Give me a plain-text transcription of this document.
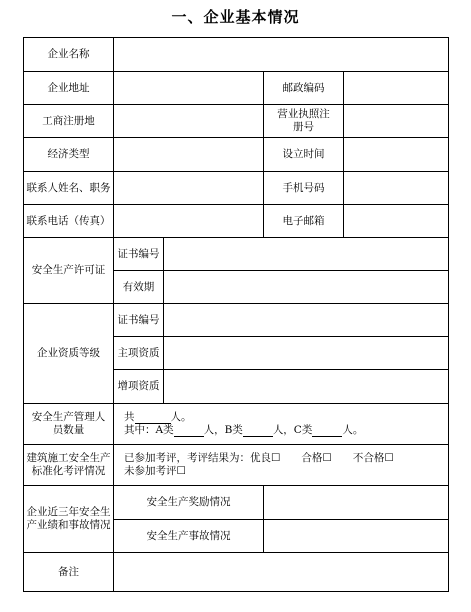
一、企业基本情况
企业名称				
企业地址			邮政编码	
工商注册地			营业执照注册号	
经济类型			设立时间	
联系人姓名、职务			手机号码	
联系电话（传真）			电子邮箱	
安全生产许可证	证书编号			
	有效期			
企业资质等级	证书编号			
	主项资质			
	增项资质			
安全生产管理人员数量	共 人。
其中：A类 人，B类 人，C类 人。			

建筑施工安全生产标准化考评情况	已参加考评，考评结果为：优良☐　　合格☐　　不合格☐
未参加考评☐			

企业近三年安全生产业绩和事故情况	安全生产奖励情况			
	安全生产事故情况			
备注				
